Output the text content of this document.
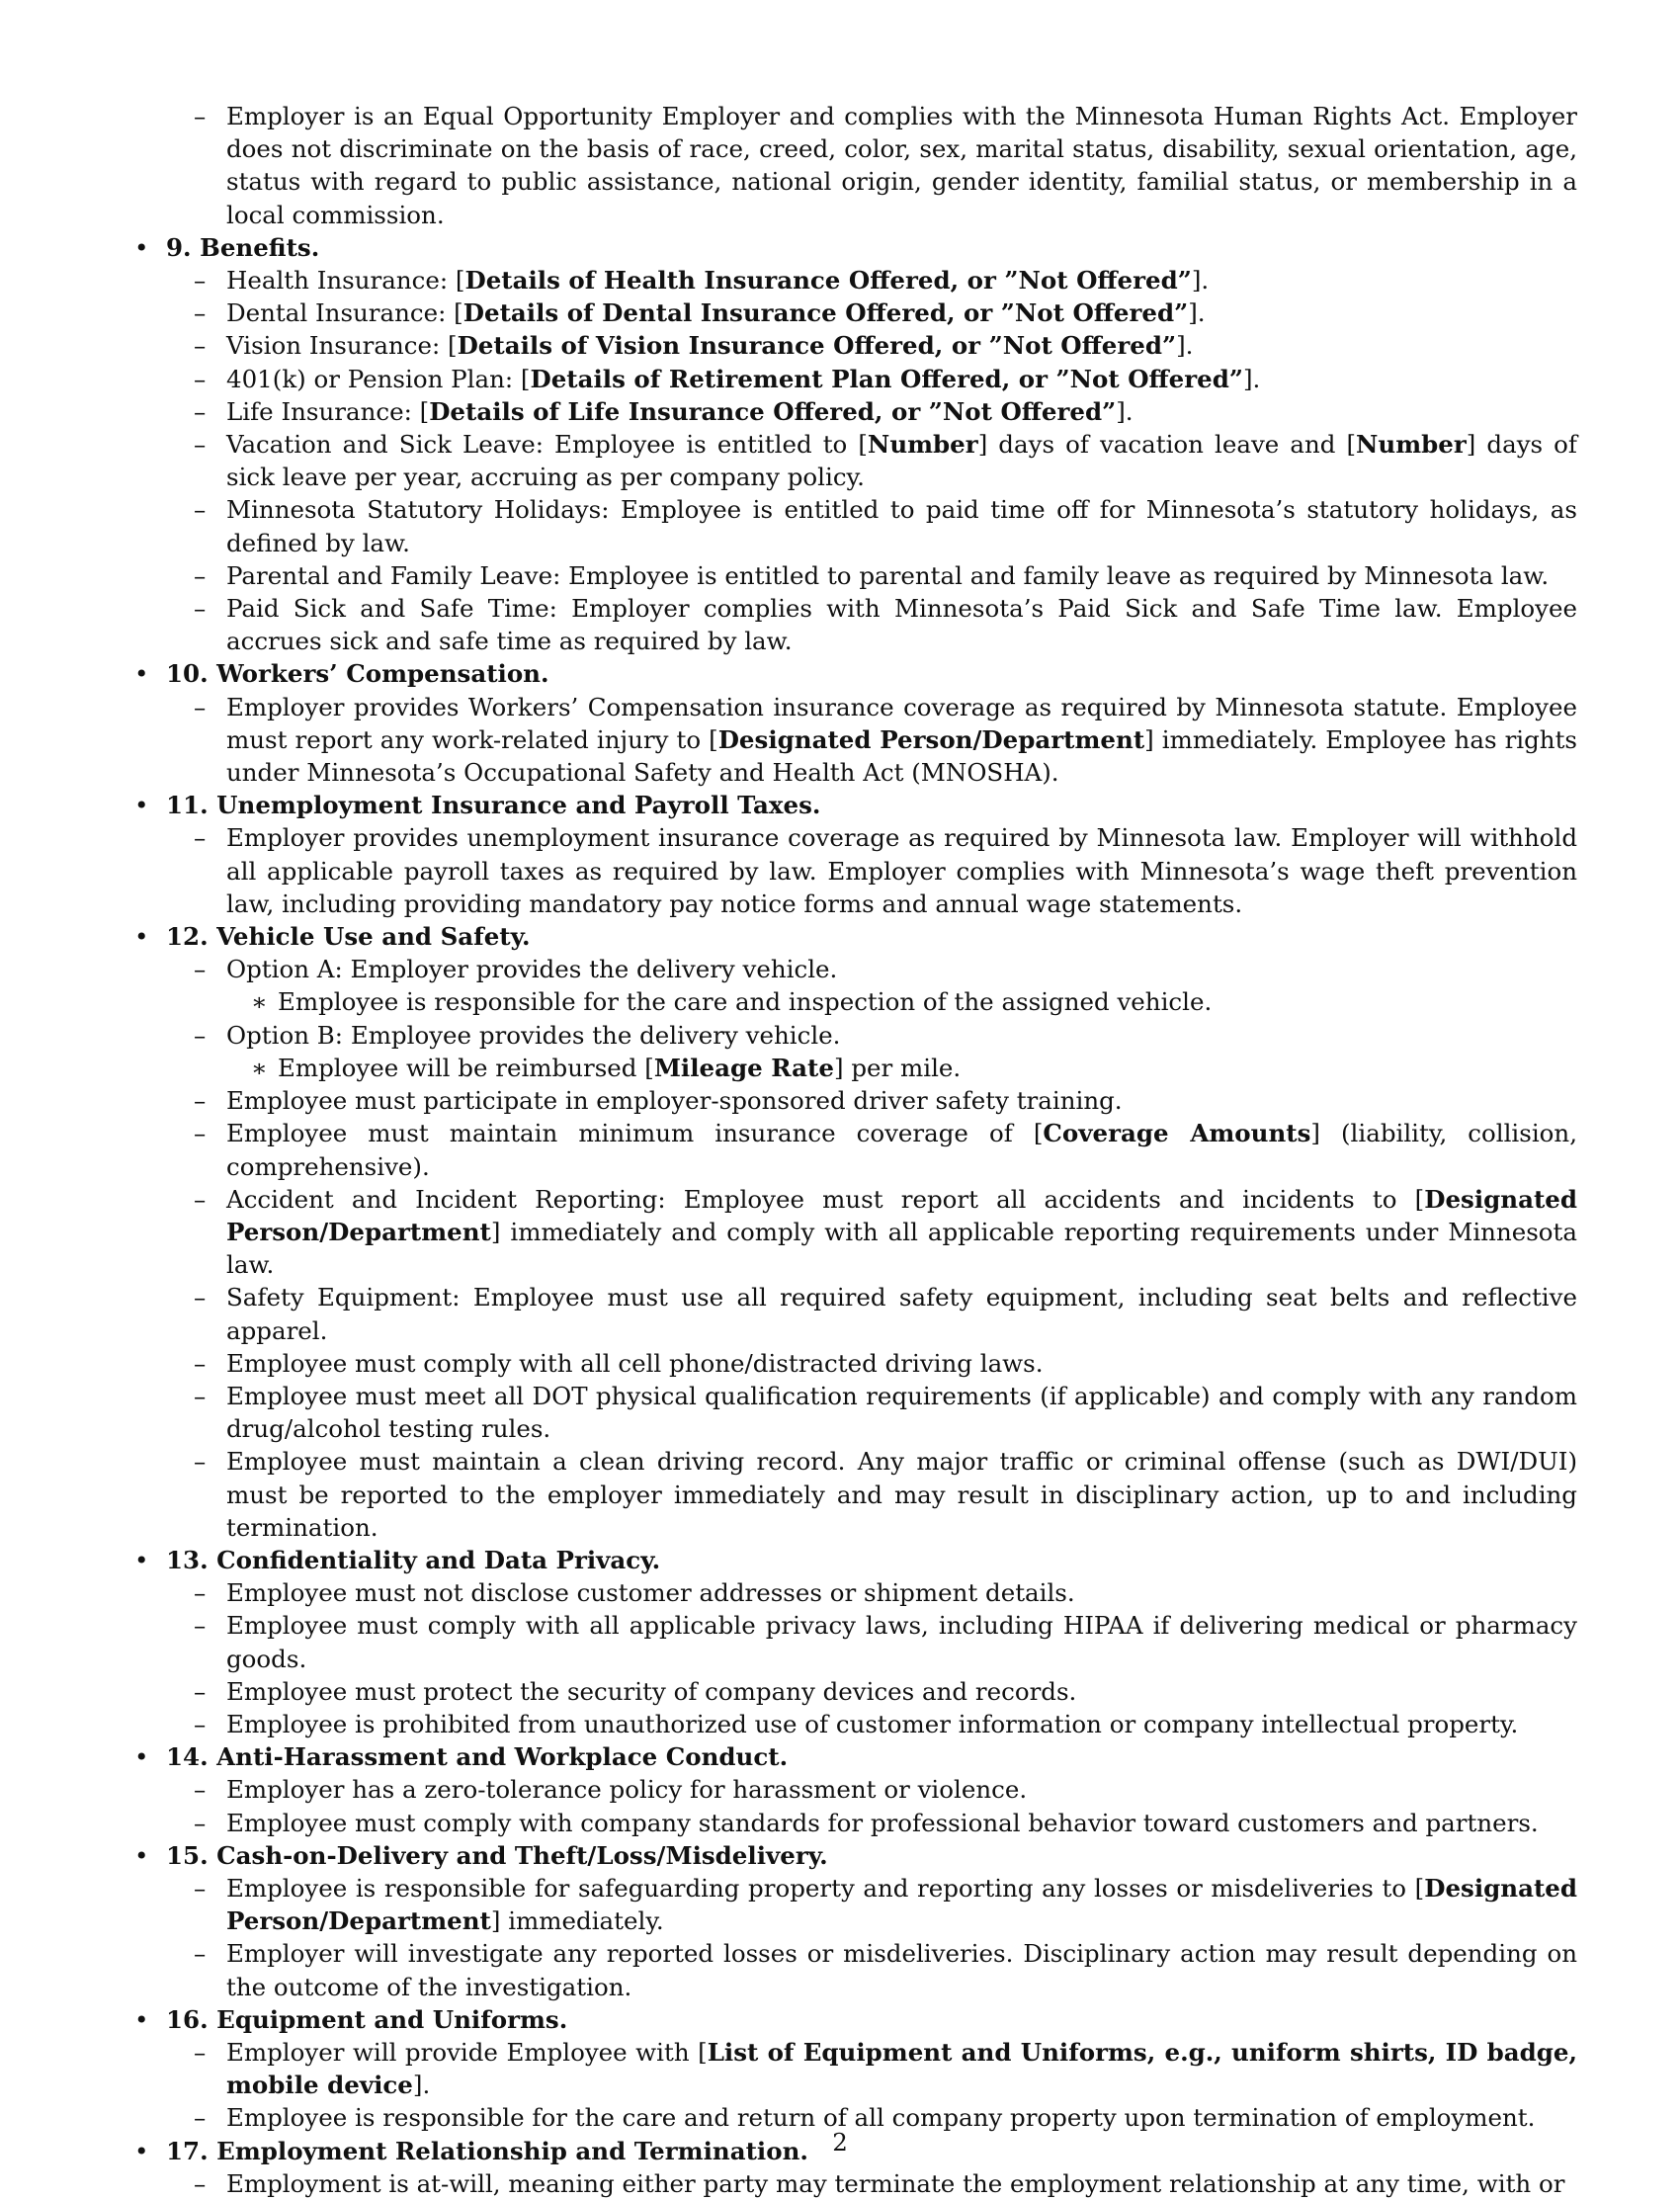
– Employer is an Equal Opportunity Employer and complies with the Minnesota Human Rights Act. Employer does not discriminate on the basis of race, creed, color, sex, marital status, disability, sexual orientation, age, status with regard to public assistance, national origin, gender identity, familial status, or membership in a local commission.
• 9. Benefits.
– Health Insurance: [Details of Health Insurance Offered, or ”Not Offered”].
– Dental Insurance: [Details of Dental Insurance Offered, or ”Not Offered”].
– Vision Insurance: [Details of Vision Insurance Offered, or ”Not Offered”].
– 401(k) or Pension Plan: [Details of Retirement Plan Offered, or ”Not Offered”].
– Life Insurance: [Details of Life Insurance Offered, or ”Not Offered”].
– Vacation and Sick Leave: Employee is entitled to [Number] days of vacation leave and [Number] days of sick leave per year, accruing as per company policy.
– Minnesota Statutory Holidays: Employee is entitled to paid time off for Minnesota’s statutory holidays, as defined by law.
– Parental and Family Leave: Employee is entitled to parental and family leave as required by Minnesota law.
– Paid Sick and Safe Time: Employer complies with Minnesota’s Paid Sick and Safe Time law. Employee accrues sick and safe time as required by law.
• 10. Workers’ Compensation.
– Employer provides Workers’ Compensation insurance coverage as required by Minnesota statute. Employee must report any work-related injury to [Designated Person/Department] immediately. Employee has rights under Minnesota’s Occupational Safety and Health Act (MNOSHA).
• 11. Unemployment Insurance and Payroll Taxes.
– Employer provides unemployment insurance coverage as required by Minnesota law. Employer will withhold all applicable payroll taxes as required by law. Employer complies with Minnesota’s wage theft prevention law, including providing mandatory pay notice forms and annual wage statements.
• 12. Vehicle Use and Safety.
– Option A: Employer provides the delivery vehicle.
∗ Employee is responsible for the care and inspection of the assigned vehicle.
– Option B: Employee provides the delivery vehicle.
∗ Employee will be reimbursed [Mileage Rate] per mile.
– Employee must participate in employer-sponsored driver safety training.
– Employee must maintain minimum insurance coverage of [Coverage Amounts] (liability, collision, comprehensive).
– Accident and Incident Reporting: Employee must report all accidents and incidents to [Designated Person/Department] immediately and comply with all applicable reporting requirements under Minnesota law.
– Safety Equipment: Employee must use all required safety equipment, including seat belts and reflective apparel.
– Employee must comply with all cell phone/distracted driving laws.
– Employee must meet all DOT physical qualification requirements (if applicable) and comply with any random drug/alcohol testing rules.
– Employee must maintain a clean driving record. Any major traffic or criminal offense (such as DWI/DUI) must be reported to the employer immediately and may result in disciplinary action, up to and including termination.
• 13. Confidentiality and Data Privacy.
– Employee must not disclose customer addresses or shipment details.
– Employee must comply with all applicable privacy laws, including HIPAA if delivering medical or pharmacy goods.
– Employee must protect the security of company devices and records.
– Employee is prohibited from unauthorized use of customer information or company intellectual property.
• 14. Anti-Harassment and Workplace Conduct.
– Employer has a zero-tolerance policy for harassment or violence.
– Employee must comply with company standards for professional behavior toward customers and partners.
• 15. Cash-on-Delivery and Theft/Loss/Misdelivery.
– Employee is responsible for safeguarding property and reporting any losses or misdeliveries to [Designated Person/Department] immediately.
– Employer will investigate any reported losses or misdeliveries. Disciplinary action may result depending on the outcome of the investigation.
• 16. Equipment and Uniforms.
– Employer will provide Employee with [List of Equipment and Uniforms, e.g., uniform shirts, ID badge, mobile device].
– Employee is responsible for the care and return of all company property upon termination of employment.
• 17. Employment Relationship and Termination.
– Employment is at-will, meaning either party may terminate the employment relationship at any time, with or
2
